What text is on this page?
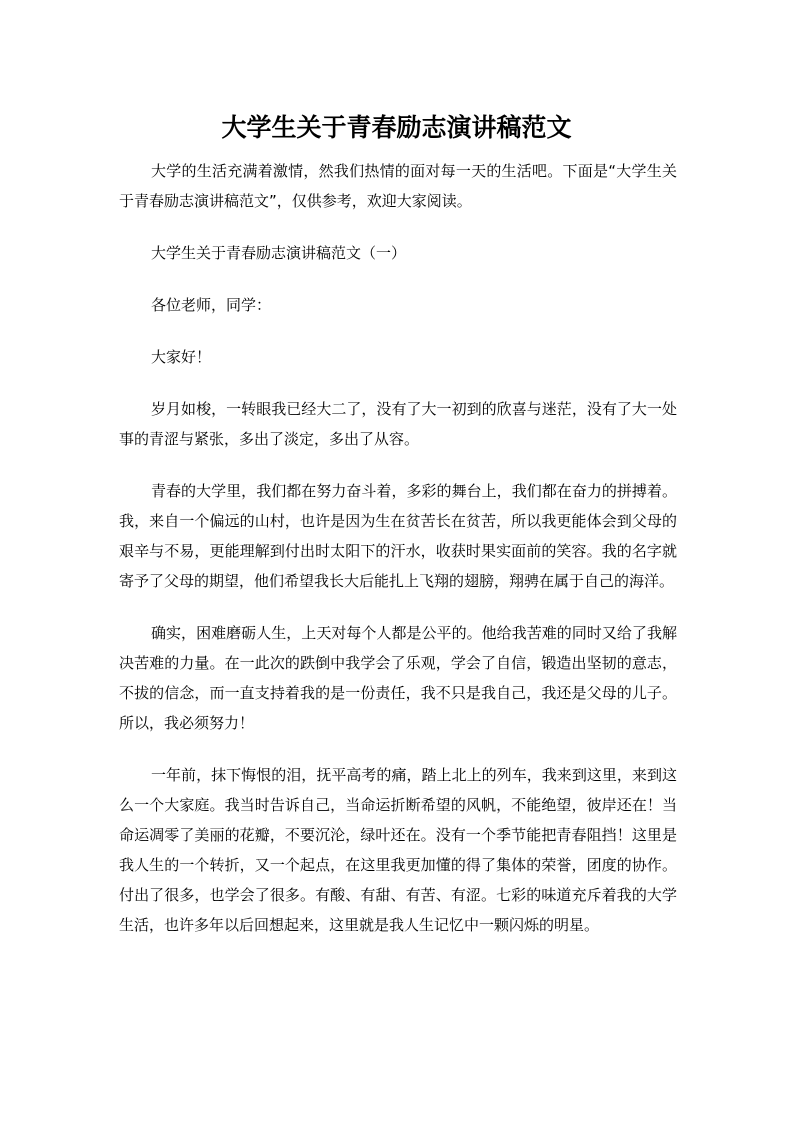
大学生关于青春励志演讲稿范文

大学的生活充满着激情，然我们热情的面对每一天的生活吧。下面是“大学生关于青春励志演讲稿范文”，仅供参考，欢迎大家阅读。

大学生关于青春励志演讲稿范文（一）

各位老师，同学：

大家好！

岁月如梭，一转眼我已经大二了，没有了大一初到的欣喜与迷茫，没有了大一处事的青涩与紧张，多出了淡定，多出了从容。

青春的大学里，我们都在努力奋斗着，多彩的舞台上，我们都在奋力的拼搏着。我，来自一个偏远的山村，也许是因为生在贫苦长在贫苦，所以我更能体会到父母的艰辛与不易，更能理解到付出时太阳下的汗水，收获时果实面前的笑容。我的名字就寄予了父母的期望，他们希望我长大后能扎上飞翔的翅膀，翔骋在属于自己的海洋。

确实，困难磨砺人生，上天对每个人都是公平的。他给我苦难的同时又给了我解决苦难的力量。在一此次的跌倒中我学会了乐观，学会了自信，锻造出坚韧的意志，不拔的信念，而一直支持着我的是一份责任，我不只是我自己，我还是父母的儿子。所以，我必须努力！

一年前，抹下悔恨的泪，抚平高考的痛，踏上北上的列车，我来到这里，来到这么一个大家庭。我当时告诉自己，当命运折断希望的风帆，不能绝望，彼岸还在！当命运凋零了美丽的花瓣，不要沉沦，绿叶还在。没有一个季节能把青春阻挡！这里是我人生的一个转折，又一个起点，在这里我更加懂的得了集体的荣誉，团度的协作。付出了很多，也学会了很多。有酸、有甜、有苦、有涩。七彩的味道充斥着我的大学生活，也许多年以后回想起来，这里就是我人生记忆中一颗闪烁的明星。
